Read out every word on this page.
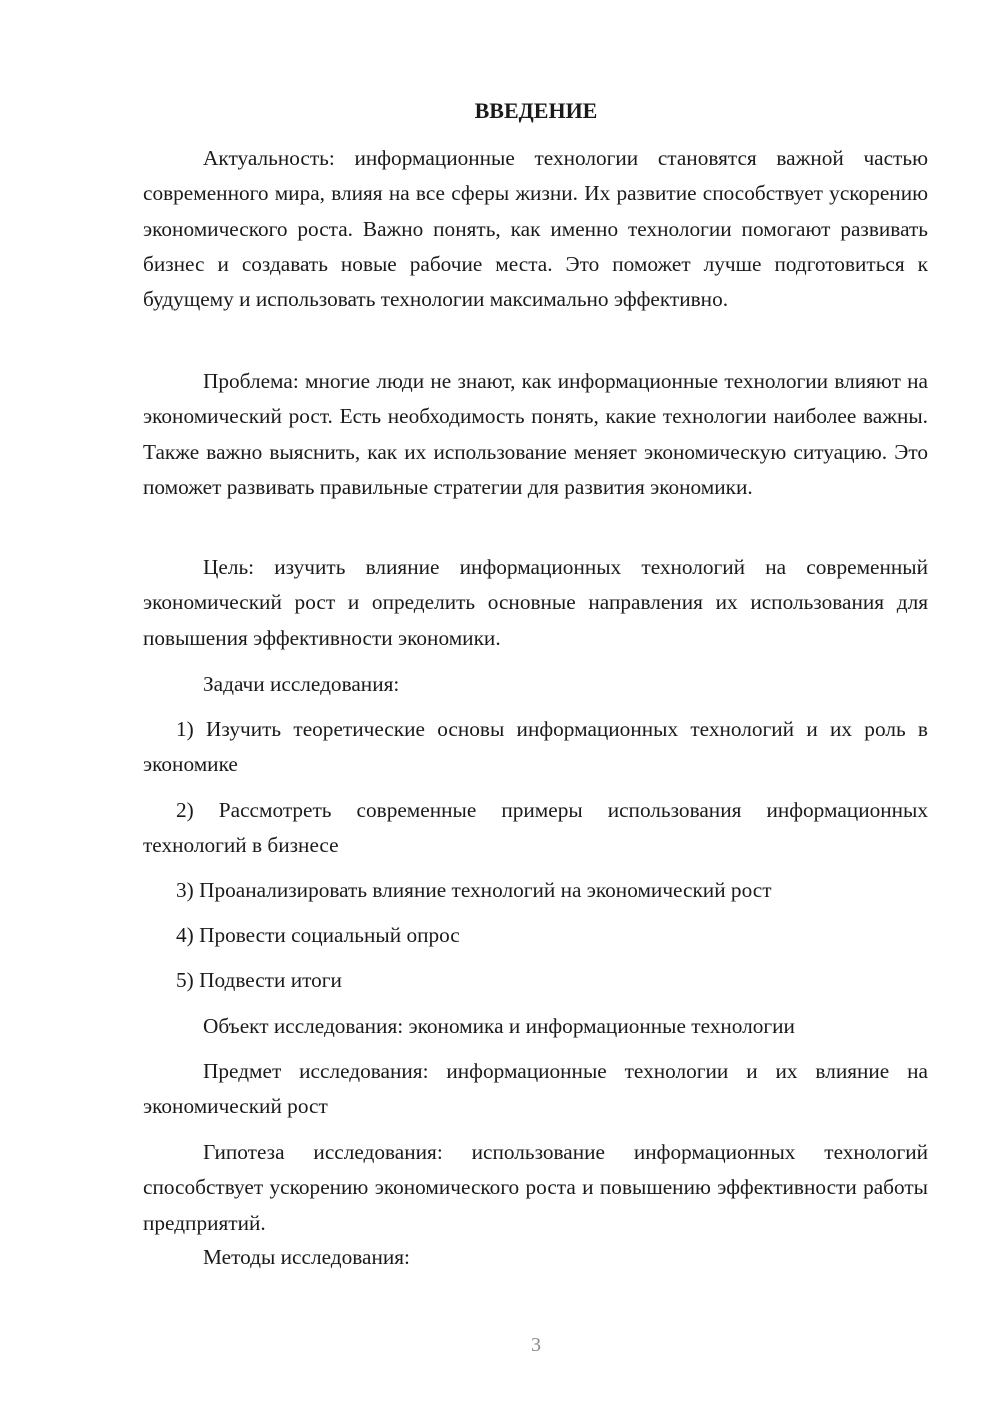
ВВЕДЕНИЕ

Актуальность: информационные технологии становятся важной частью современного мира, влияя на все сферы жизни. Их развитие способствует ускорению экономического роста. Важно понять, как именно технологии помогают развивать бизнес и создавать новые рабочие места. Это поможет лучше подготовиться к будущему и использовать технологии максимально эффективно.

Проблема: многие люди не знают, как информационные технологии влияют на экономический рост. Есть необходимость понять, какие технологии наиболее важны. Также важно выяснить, как их использование меняет экономическую ситуацию. Это поможет развивать правильные стратегии для развития экономики.

Цель: изучить влияние информационных технологий на современный экономический рост и определить основные направления их использования для повышения эффективности экономики.

Задачи исследования:

1) Изучить теоретические основы информационных технологий и их роль в экономике

2) Рассмотреть современные примеры использования информационных технологий в бизнесе

3) Проанализировать влияние технологий на экономический рост

4) Провести социальный опрос

5) Подвести итоги

Объект исследования: экономика и информационные технологии

Предмет исследования: информационные технологии и их влияние на экономический рост

Гипотеза исследования: использование информационных технологий способствует ускорению экономического роста и повышению эффективности работы предприятий.

Методы исследования:

3
